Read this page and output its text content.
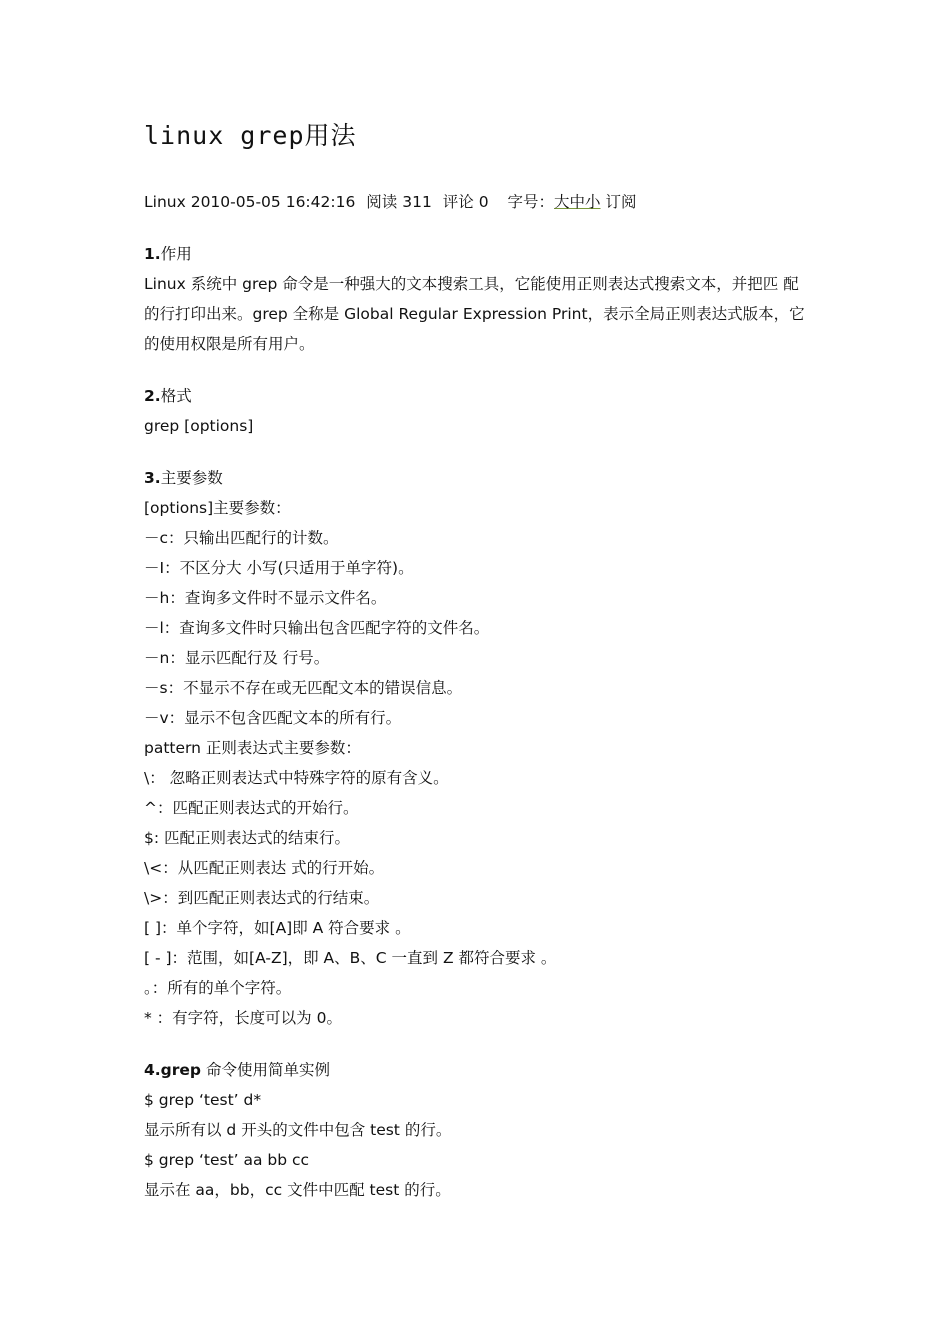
linux grep用法
Linux 2010-05-05 16:42:16 阅读 311 评论 0 字号：大中小 订阅
1.作用
Linux 系统中 grep 命令是一种强大的文本搜索工具，它能使用正则表达式搜索文本，并把匹 配的行打印出来。grep 全称是 Global Regular Expression Print，表示全局正则表达式版本，它的使用权限是所有用户。
2.格式
grep [options]
3.主要参数
[options]主要参数：
－c：只输出匹配行的计数。
－I：不区分大 小写(只适用于单字符)。
－h：查询多文件时不显示文件名。
－l：查询多文件时只输出包含匹配字符的文件名。
－n：显示匹配行及 行号。
－s：不显示不存在或无匹配文本的错误信息。
－v：显示不包含匹配文本的所有行。
pattern 正则表达式主要参数：
\： 忽略正则表达式中特殊字符的原有含义。
^：匹配正则表达式的开始行。
$: 匹配正则表达式的结束行。
\<：从匹配正则表达 式的行开始。
\>：到匹配正则表达式的行结束。
[ ]：单个字符，如[A]即 A 符合要求 。
[ - ]：范围，如[A-Z]，即 A、B、C 一直到 Z 都符合要求 。
。：所有的单个字符。
* ：有字符，长度可以为 0。
4.grep 命令使用简单实例
$ grep ‘test’ d*
显示所有以 d 开头的文件中包含 test 的行。
$ grep ‘test’ aa bb cc
显示在 aa，bb，cc 文件中匹配 test 的行。
